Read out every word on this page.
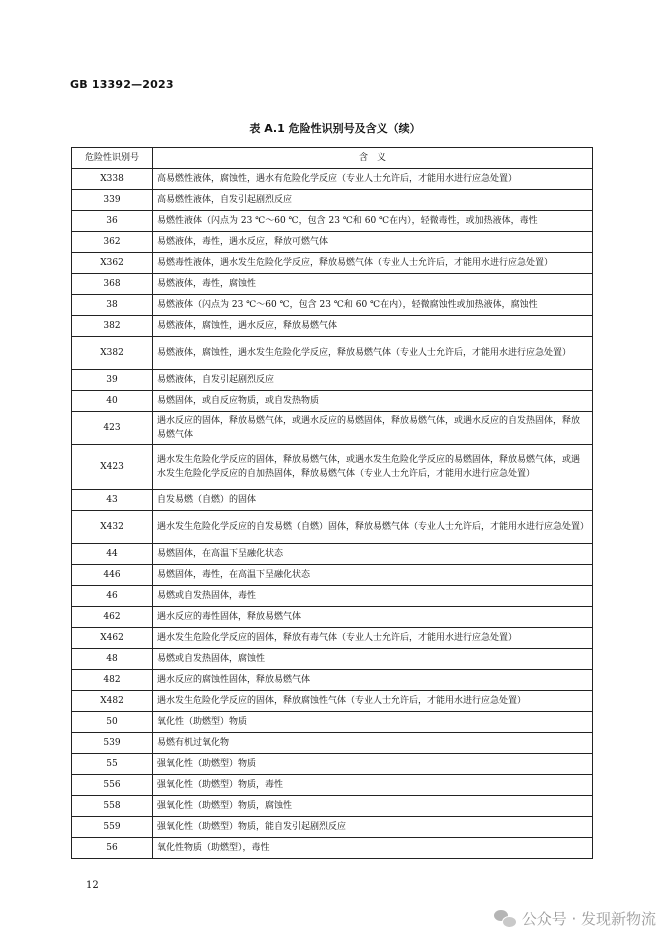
GB 13392—2023
表 A.1 危险性识别号及含义（续）
危险性识别号	含　义
X338	高易燃性液体，腐蚀性，遇水有危险化学反应（专业人士允许后，才能用水进行应急处置）
339	高易燃性液体，自发引起剧烈反应
36	易燃性液体（闪点为 23 ℃～60 ℃，包含 23 ℃和 60 ℃在内），轻微毒性，或加热液体，毒性
362	易燃液体，毒性，遇水反应，释放可燃气体
X362	易燃毒性液体，遇水发生危险化学反应，释放易燃气体（专业人士允许后，才能用水进行应急处置）
368	易燃液体，毒性，腐蚀性
38	易燃液体（闪点为 23 ℃～60 ℃，包含 23 ℃和 60 ℃在内），轻微腐蚀性或加热液体，腐蚀性
382	易燃液体，腐蚀性，遇水反应，释放易燃气体
X382	易燃液体，腐蚀性，遇水发生危险化学反应，释放易燃气体（专业人士允许后，才能用水进行应急处置）
39	易燃液体，自发引起剧烈反应
40	易燃固体，或自反应物质，或自发热物质
423	遇水反应的固体，释放易燃气体，或遇水反应的易燃固体，释放易燃气体，或遇水反应的自发热固体，释放易燃气体
X423	遇水发生危险化学反应的固体，释放易燃气体，或遇水发生危险化学反应的易燃固体，释放易燃气体，或遇水发生危险化学反应的自加热固体，释放易燃气体（专业人士允许后，才能用水进行应急处置）
43	自发易燃（自燃）的固体
X432	遇水发生危险化学反应的自发易燃（自燃）固体，释放易燃气体（专业人士允许后，才能用水进行应急处置）
44	易燃固体，在高温下呈融化状态
446	易燃固体，毒性，在高温下呈融化状态
46	易燃或自发热固体，毒性
462	遇水反应的毒性固体，释放易燃气体
X462	遇水发生危险化学反应的固体，释放有毒气体（专业人士允许后，才能用水进行应急处置）
48	易燃或自发热固体，腐蚀性
482	遇水反应的腐蚀性固体，释放易燃气体
X482	遇水发生危险化学反应的固体，释放腐蚀性气体（专业人士允许后，才能用水进行应急处置）
50	氧化性（助燃型）物质
539	易燃有机过氧化物
55	强氧化性（助燃型）物质
556	强氧化性（助燃型）物质，毒性
558	强氧化性（助燃型）物质，腐蚀性
559	强氧化性（助燃型）物质，能自发引起剧烈反应
56	氧化性物质（助燃型），毒性
12
公众号 · 发现新物流
